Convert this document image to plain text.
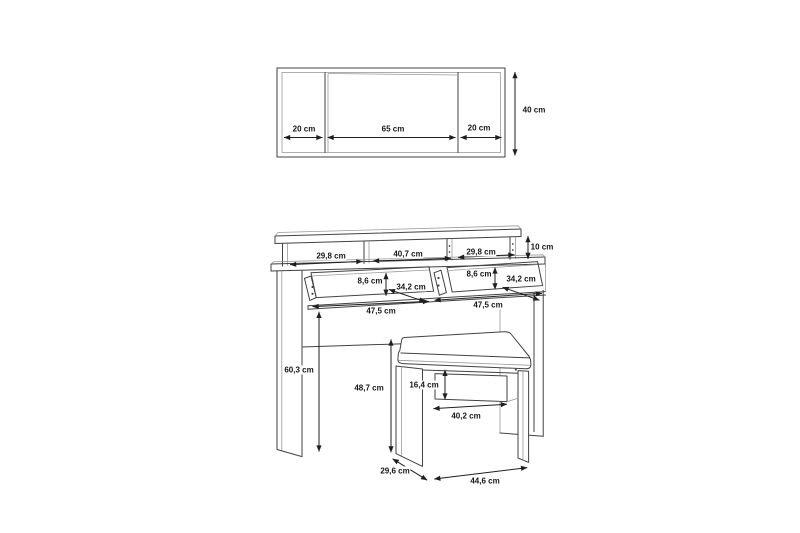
20 cm	65 cm	20 cm
40 cm
29,8 cm	40,7 cm	29,8 cm
10 cm
8,6 cm
34,2 cm
8,6 cm
34,2 cm
47,5 cm
47,5 cm
60,3 cm
48,7 cm	16,4 cm
40,2 cm
29,6 cm
44,6 cm
